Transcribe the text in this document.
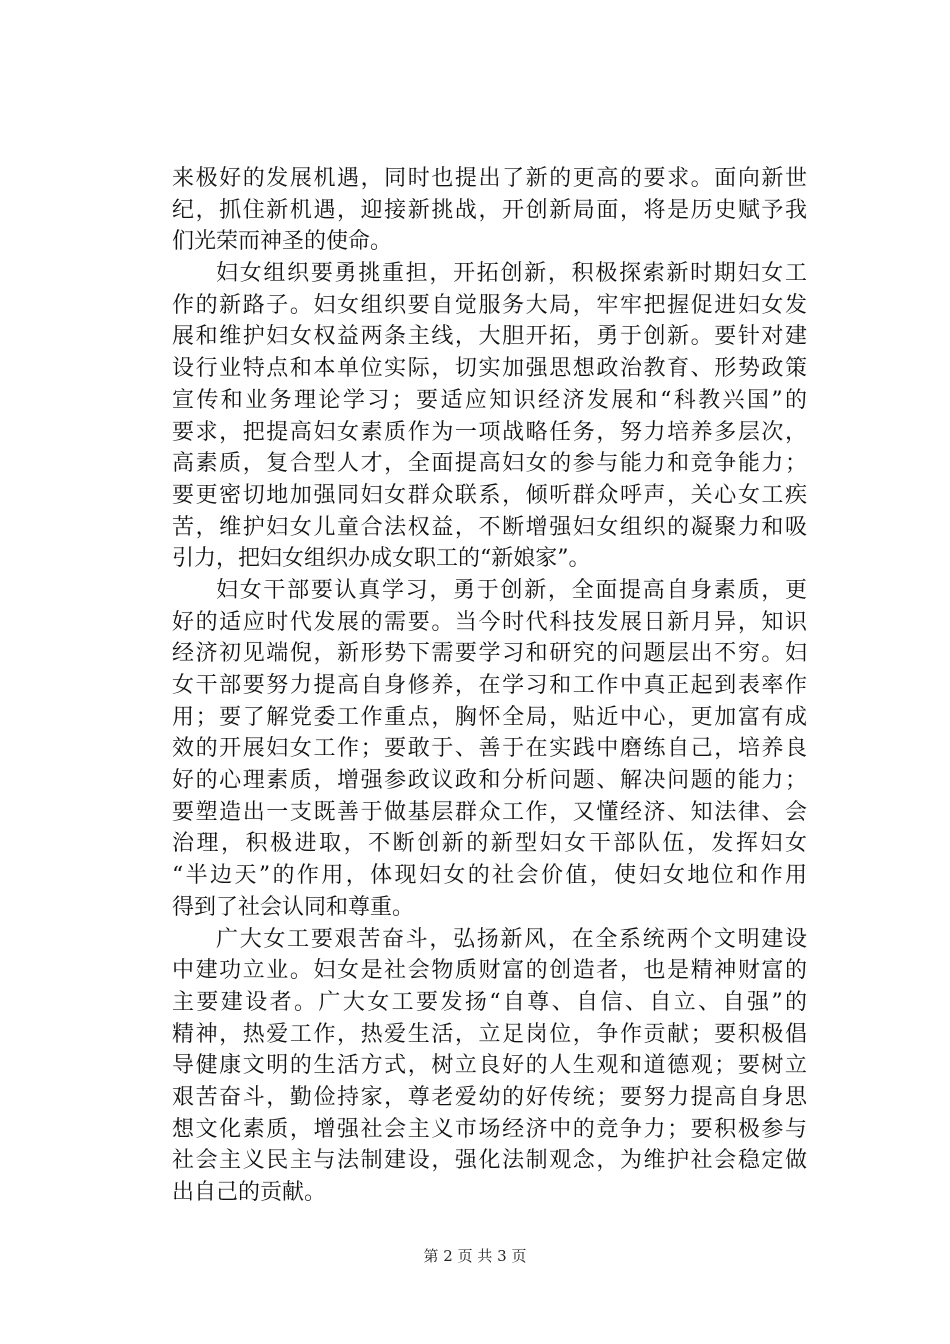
来极好的发展机遇，同时也提出了新的更高的要求。面向新世
纪，抓住新机遇，迎接新挑战，开创新局面，将是历史赋予我
们光荣而神圣的使命。
妇女组织要勇挑重担，开拓创新，积极探索新时期妇女工
作的新路子。妇女组织要自觉服务大局，牢牢把握促进妇女发
展和维护妇女权益两条主线，大胆开拓，勇于创新。要针对建
设行业特点和本单位实际，切实加强思想政治教育、形势政策
宣传和业务理论学习；要适应知识经济发展和“科教兴国”的
要求，把提高妇女素质作为一项战略任务，努力培养多层次，
高素质，复合型人才，全面提高妇女的参与能力和竞争能力；
要更密切地加强同妇女群众联系，倾听群众呼声，关心女工疾
苦，维护妇女儿童合法权益，不断增强妇女组织的凝聚力和吸
引力，把妇女组织办成女职工的“新娘家”。
妇女干部要认真学习，勇于创新，全面提高自身素质，更
好的适应时代发展的需要。当今时代科技发展日新月异，知识
经济初见端倪，新形势下需要学习和研究的问题层出不穷。妇
女干部要努力提高自身修养，在学习和工作中真正起到表率作
用；要了解党委工作重点，胸怀全局，贴近中心，更加富有成
效的开展妇女工作；要敢于、善于在实践中磨练自己，培养良
好的心理素质，增强参政议政和分析问题、解决问题的能力；
要塑造出一支既善于做基层群众工作，又懂经济、知法律、会
治理，积极进取，不断创新的新型妇女干部队伍，发挥妇女
“半边天”的作用，体现妇女的社会价值，使妇女地位和作用
得到了社会认同和尊重。
广大女工要艰苦奋斗，弘扬新风，在全系统两个文明建设
中建功立业。妇女是社会物质财富的创造者，也是精神财富的
主要建设者。广大女工要发扬“自尊、自信、自立、自强”的
精神，热爱工作，热爱生活，立足岗位，争作贡献；要积极倡
导健康文明的生活方式，树立良好的人生观和道德观；要树立
艰苦奋斗，勤俭持家，尊老爱幼的好传统；要努力提高自身思
想文化素质，增强社会主义市场经济中的竞争力；要积极参与
社会主义民主与法制建设，强化法制观念，为维护社会稳定做
出自己的贡献。
第 2 页 共 3 页
